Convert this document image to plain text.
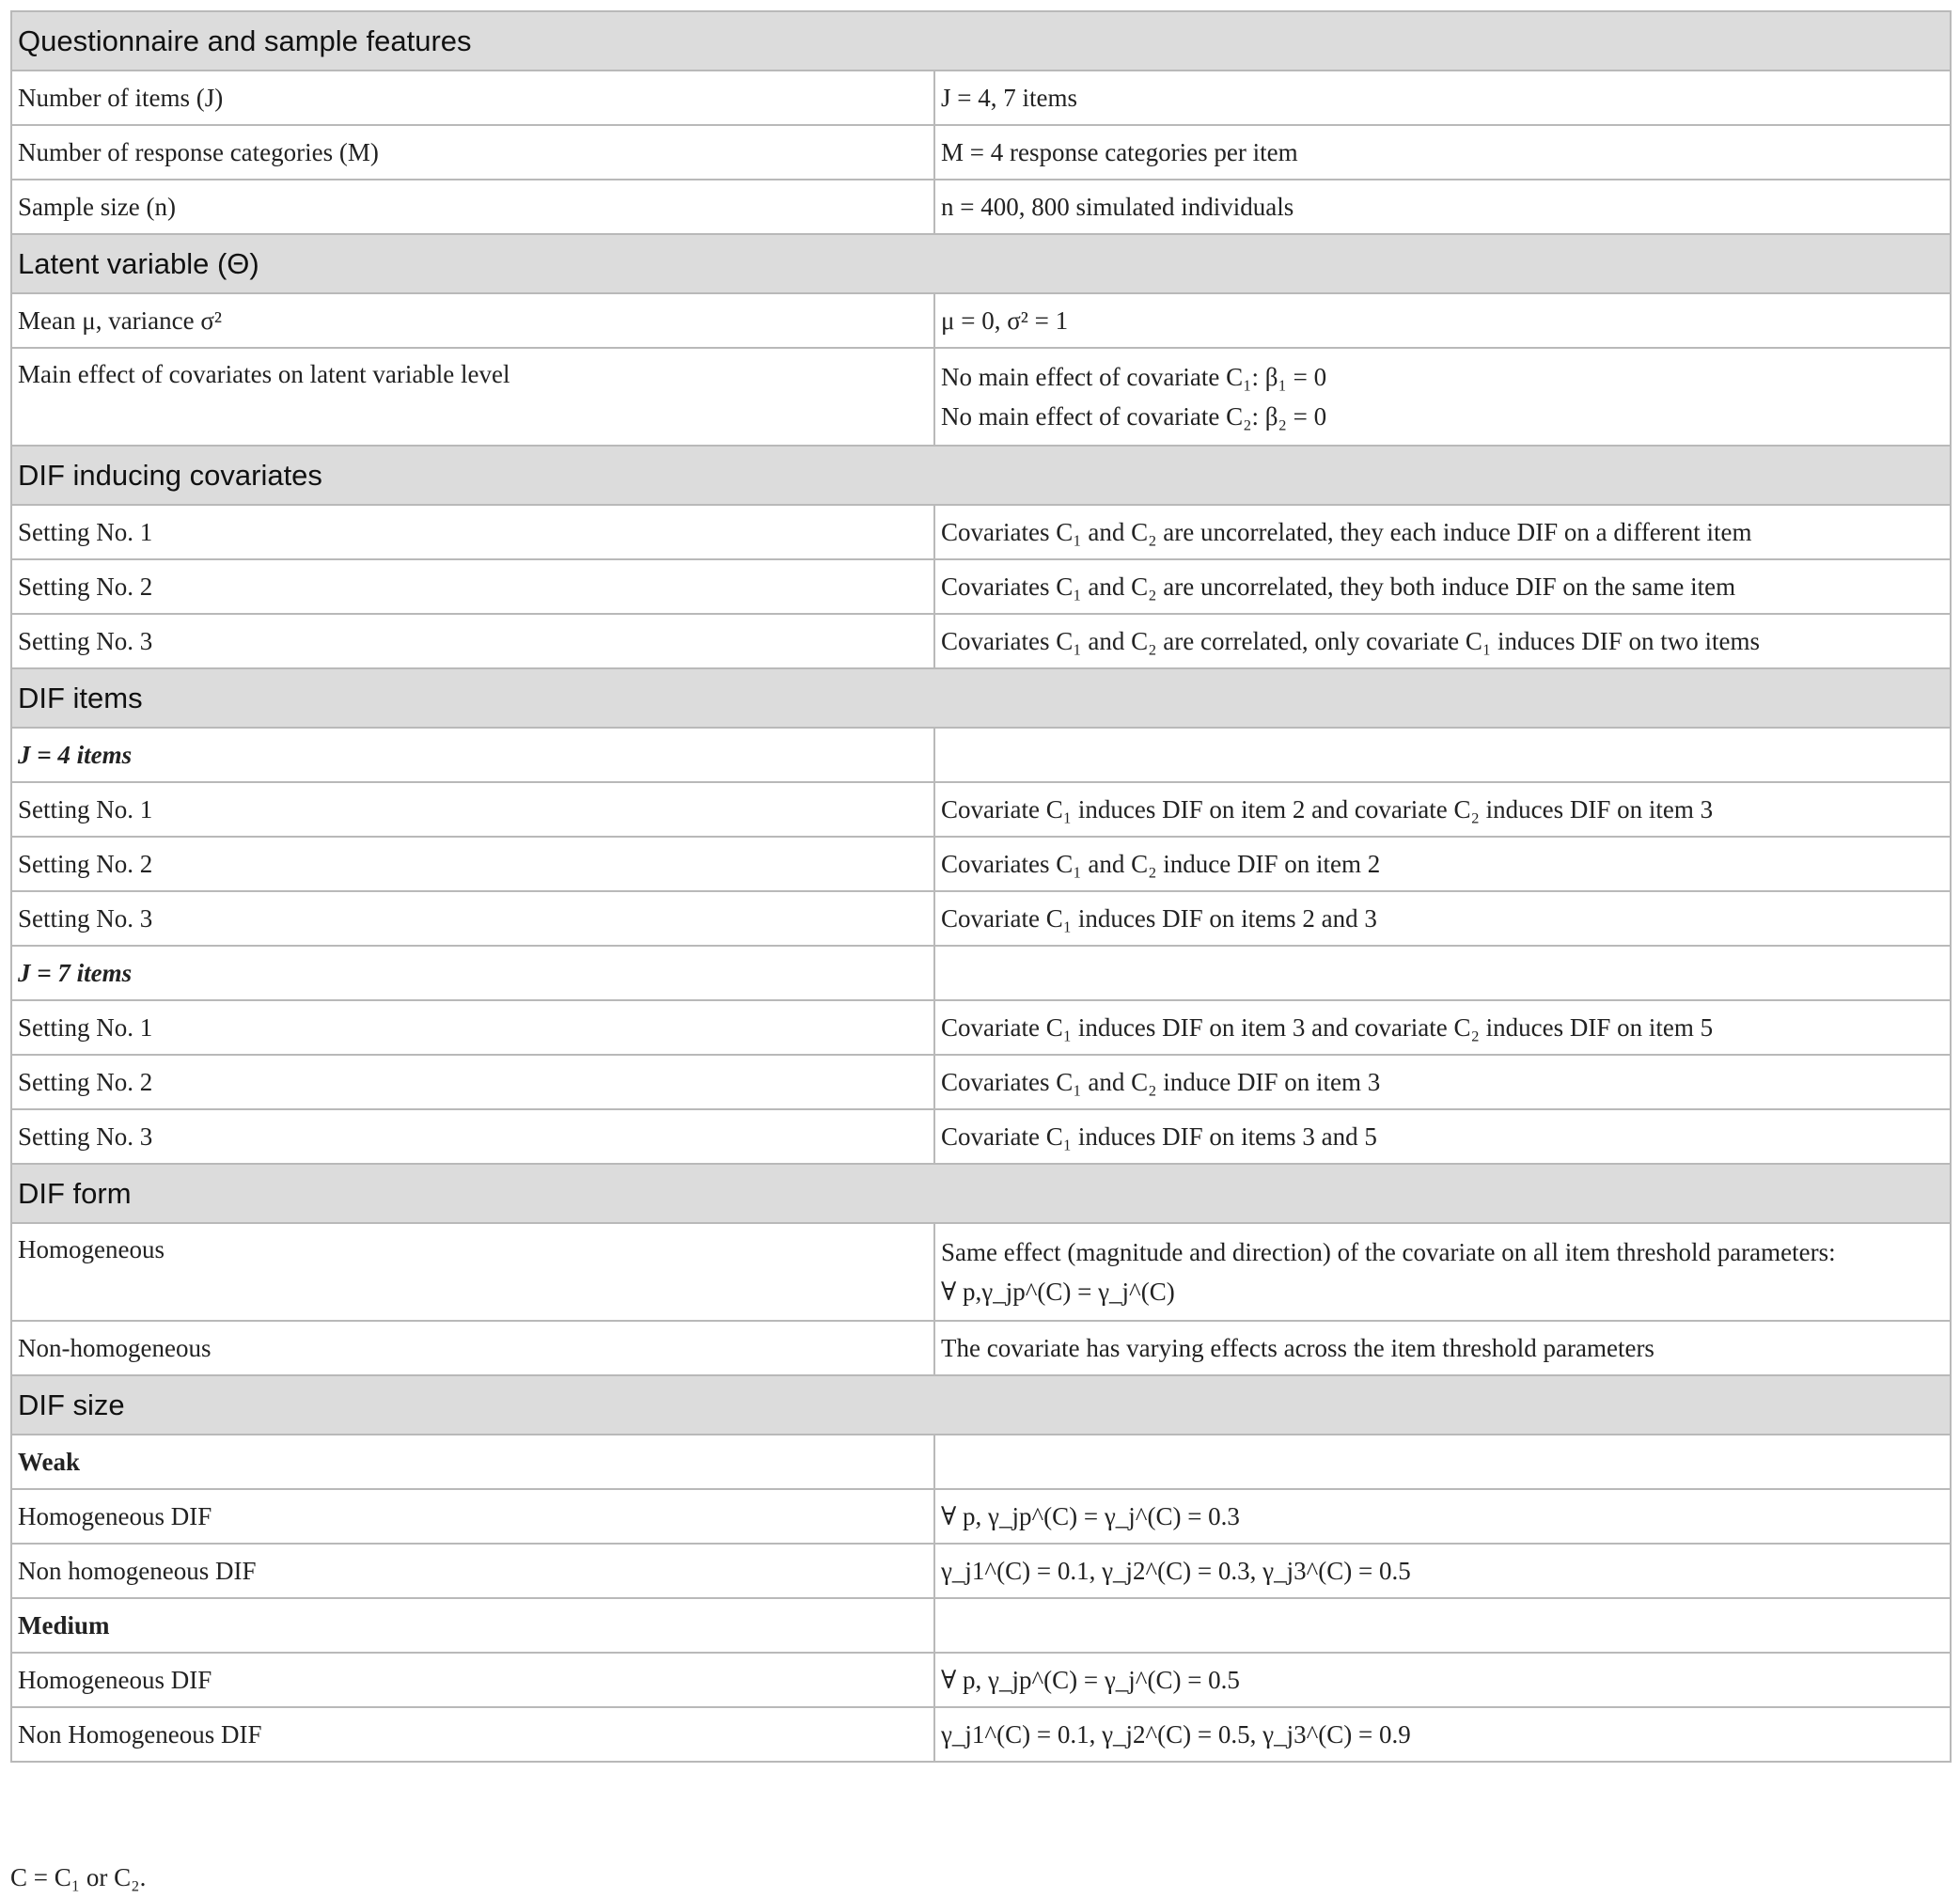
Questionnaire and sample features	
Number of items (J)	J = 4, 7 items
Number of response categories (M)	M = 4 response categories per item
Sample size (n)	n = 400, 800 simulated individuals
Latent variable (Θ)	
Mean μ, variance σ²	μ = 0, σ² = 1
Main effect of covariates on latent variable level	No main effect of covariate C₁: β₁ = 0
No main effect of covariate C₂: β₂ = 0

DIF inducing covariates	
Setting No. 1	Covariates C₁ and C₂ are uncorrelated, they each induce DIF on a different item
Setting No. 2	Covariates C₁ and C₂ are uncorrelated, they both induce DIF on the same item
Setting No. 3	Covariates C₁ and C₂ are correlated, only covariate C₁ induces DIF on two items
DIF items	
J = 4 items	
Setting No. 1	Covariate C₁ induces DIF on item 2 and covariate C₂ induces DIF on item 3
Setting No. 2	Covariates C₁ and C₂ induce DIF on item 2
Setting No. 3	Covariate C₁ induces DIF on items 2 and 3
J = 7 items	
Setting No. 1	Covariate C₁ induces DIF on item 3 and covariate C₂ induces DIF on item 5
Setting No. 2	Covariates C₁ and C₂ induce DIF on item 3
Setting No. 3	Covariate C₁ induces DIF on items 3 and 5
DIF form	
Homogeneous	Same effect (magnitude and direction) of the covariate on all item threshold parameters:
∀ p,γ_jp^(C) = γ_j^(C)

Non-homogeneous	The covariate has varying effects across the item threshold parameters
DIF size	
Weak	
Homogeneous DIF	∀ p, γ_jp^(C) = γ_j^(C) = 0.3
Non homogeneous DIF	γ_j1^(C) = 0.1, γ_j2^(C) = 0.3, γ_j3^(C) = 0.5
Medium	
Homogeneous DIF	∀ p, γ_jp^(C) = γ_j^(C) = 0.5
Non Homogeneous DIF	γ_j1^(C) = 0.1, γ_j2^(C) = 0.5, γ_j3^(C) = 0.9
C = C₁ or C₂.
